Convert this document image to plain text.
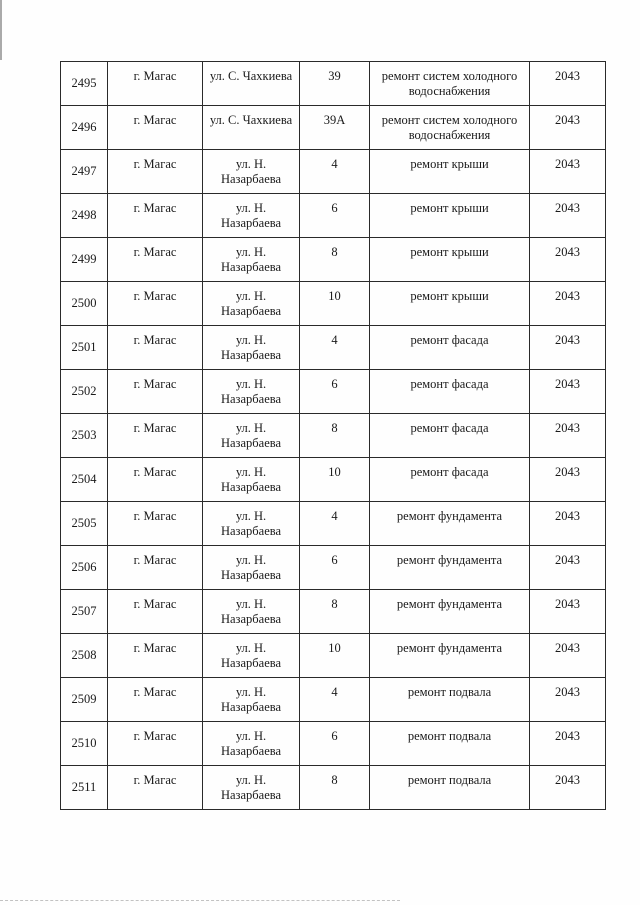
2495	г. Магас	ул. С. Чахкиева	39	ремонт систем холодного водоснабжения	2043
2496	г. Магас	ул. С. Чахкиева	39А	ремонт систем холодного водоснабжения	2043
2497	г. Магас	ул. Н. Назарбаева	4	ремонт крыши	2043
2498	г. Магас	ул. Н. Назарбаева	6	ремонт крыши	2043
2499	г. Магас	ул. Н. Назарбаева	8	ремонт крыши	2043
2500	г. Магас	ул. Н. Назарбаева	10	ремонт крыши	2043
2501	г. Магас	ул. Н. Назарбаева	4	ремонт фасада	2043
2502	г. Магас	ул. Н. Назарбаева	6	ремонт фасада	2043
2503	г. Магас	ул. Н. Назарбаева	8	ремонт фасада	2043
2504	г. Магас	ул. Н. Назарбаева	10	ремонт фасада	2043
2505	г. Магас	ул. Н. Назарбаева	4	ремонт фундамента	2043
2506	г. Магас	ул. Н. Назарбаева	6	ремонт фундамента	2043
2507	г. Магас	ул. Н. Назарбаева	8	ремонт фундамента	2043
2508	г. Магас	ул. Н. Назарбаева	10	ремонт фундамента	2043
2509	г. Магас	ул. Н. Назарбаева	4	ремонт подвала	2043
2510	г. Магас	ул. Н. Назарбаева	6	ремонт подвала	2043
2511	г. Магас	ул. Н. Назарбаева	8	ремонт подвала	2043
